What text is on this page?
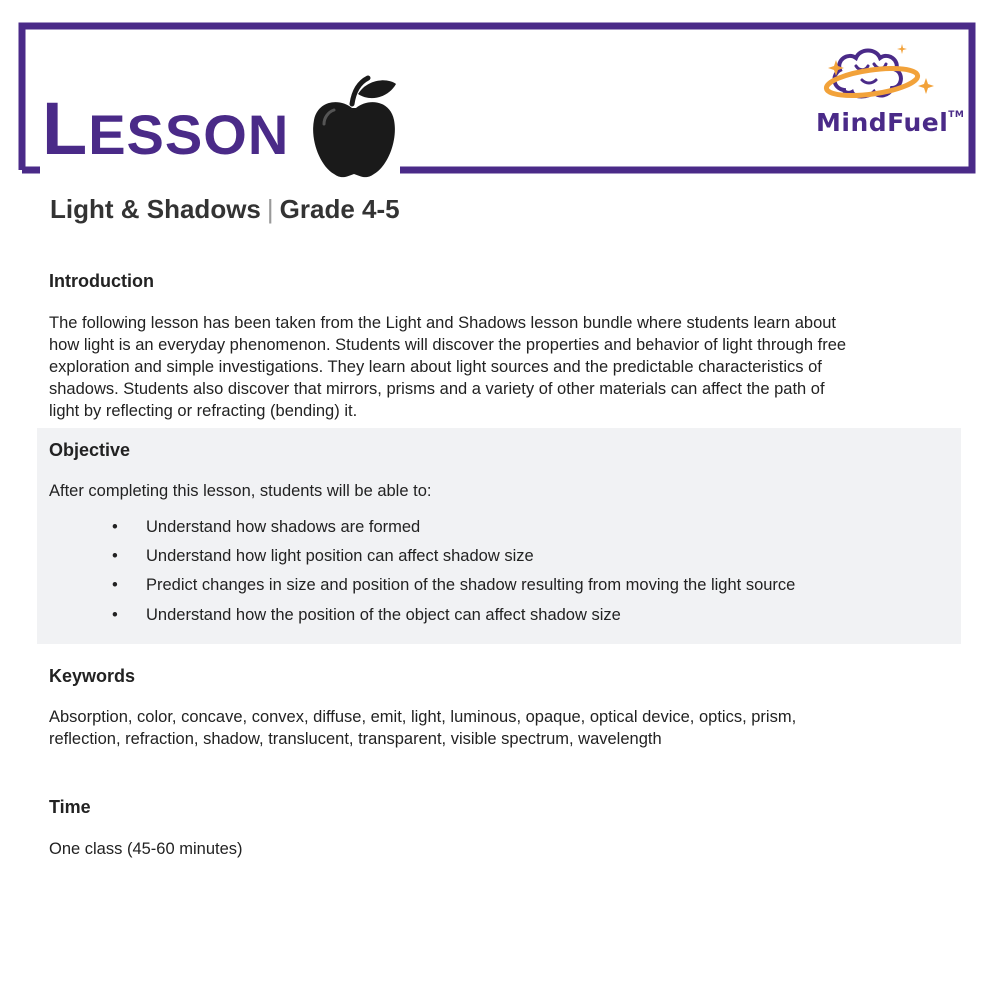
LESSON	MindFuel™
Light & Shadows | Grade 4-5
Introduction
The following lesson has been taken from the Light and Shadows lesson bundle where students learn about
how light is an everyday phenomenon. Students will discover the properties and behavior of light through free
exploration and simple investigations. They learn about light sources and the predictable characteristics of
shadows. Students also discover that mirrors, prisms and a variety of other materials can affect the path of
light by reflecting or refracting (bending) it.
Objective
After completing this lesson, students will be able to:
• Understand how shadows are formed
• Understand how light position can affect shadow size
• Predict changes in size and position of the shadow resulting from moving the light source
• Understand how the position of the object can affect shadow size
Keywords
Absorption, color, concave, convex, diffuse, emit, light, luminous, opaque, optical device, optics, prism,
reflection, refraction, shadow, translucent, transparent, visible spectrum, wavelength
Time
One class (45-60 minutes)
